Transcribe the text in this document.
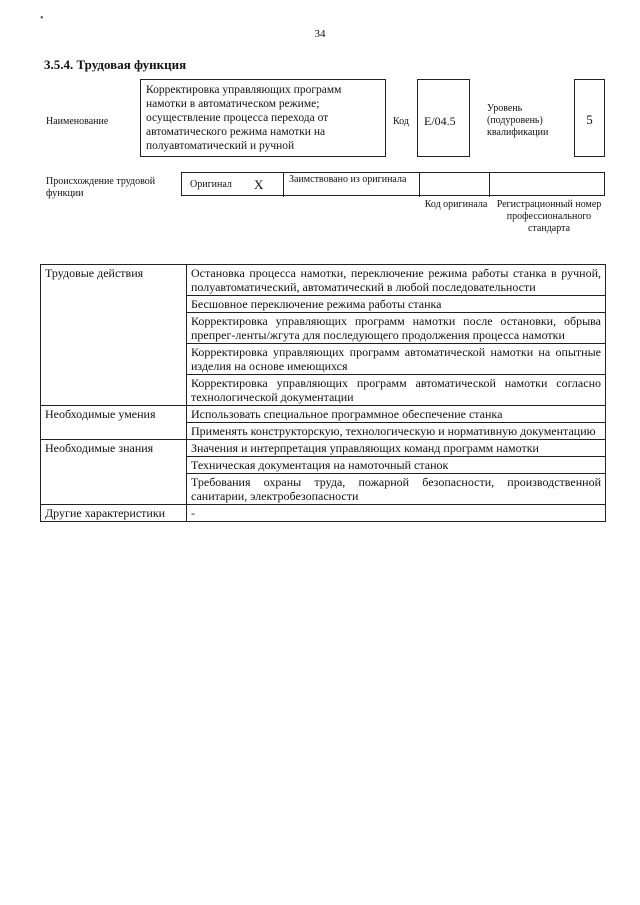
•
34
3.5.4. Трудовая функция
Наименование
Корректировка управляющих программ намотки в автоматическом режиме; осуществление процесса перехода от автоматического режима намотки на полуавтоматический и ручной
Код	E/04.5
Уровень (подуровень) квалификации
5
Происхождение трудовой функции
Оригинал X	Заимствовано из оригинала
Код оригинала Регистрационный номер профессионального стандарта
Трудовые действия	Остановка процесса намотки, переключение режима работы станка в ручной, полуавтоматический, автоматический в любой последовательности
	Бесшовное переключение режима работы станка
	Корректировка управляющих программ намотки после остановки, обрыва препрег-ленты/жгута для последующего продолжения процесса намотки
	Корректировка управляющих программ автоматической намотки на опытные изделия на основе имеющихся
	Корректировка управляющих программ автоматической намотки согласно технологической документации
Необходимые умения	Использовать специальное программное обеспечение станка
	Применять конструкторскую, технологическую и нормативную документацию
Необходимые знания	Значения и интерпретация управляющих команд программ намотки
	Техническая документация на намоточный станок
	Требования охраны труда, пожарной безопасности, производственной санитарии, электробезопасности
Другие характеристики	-
